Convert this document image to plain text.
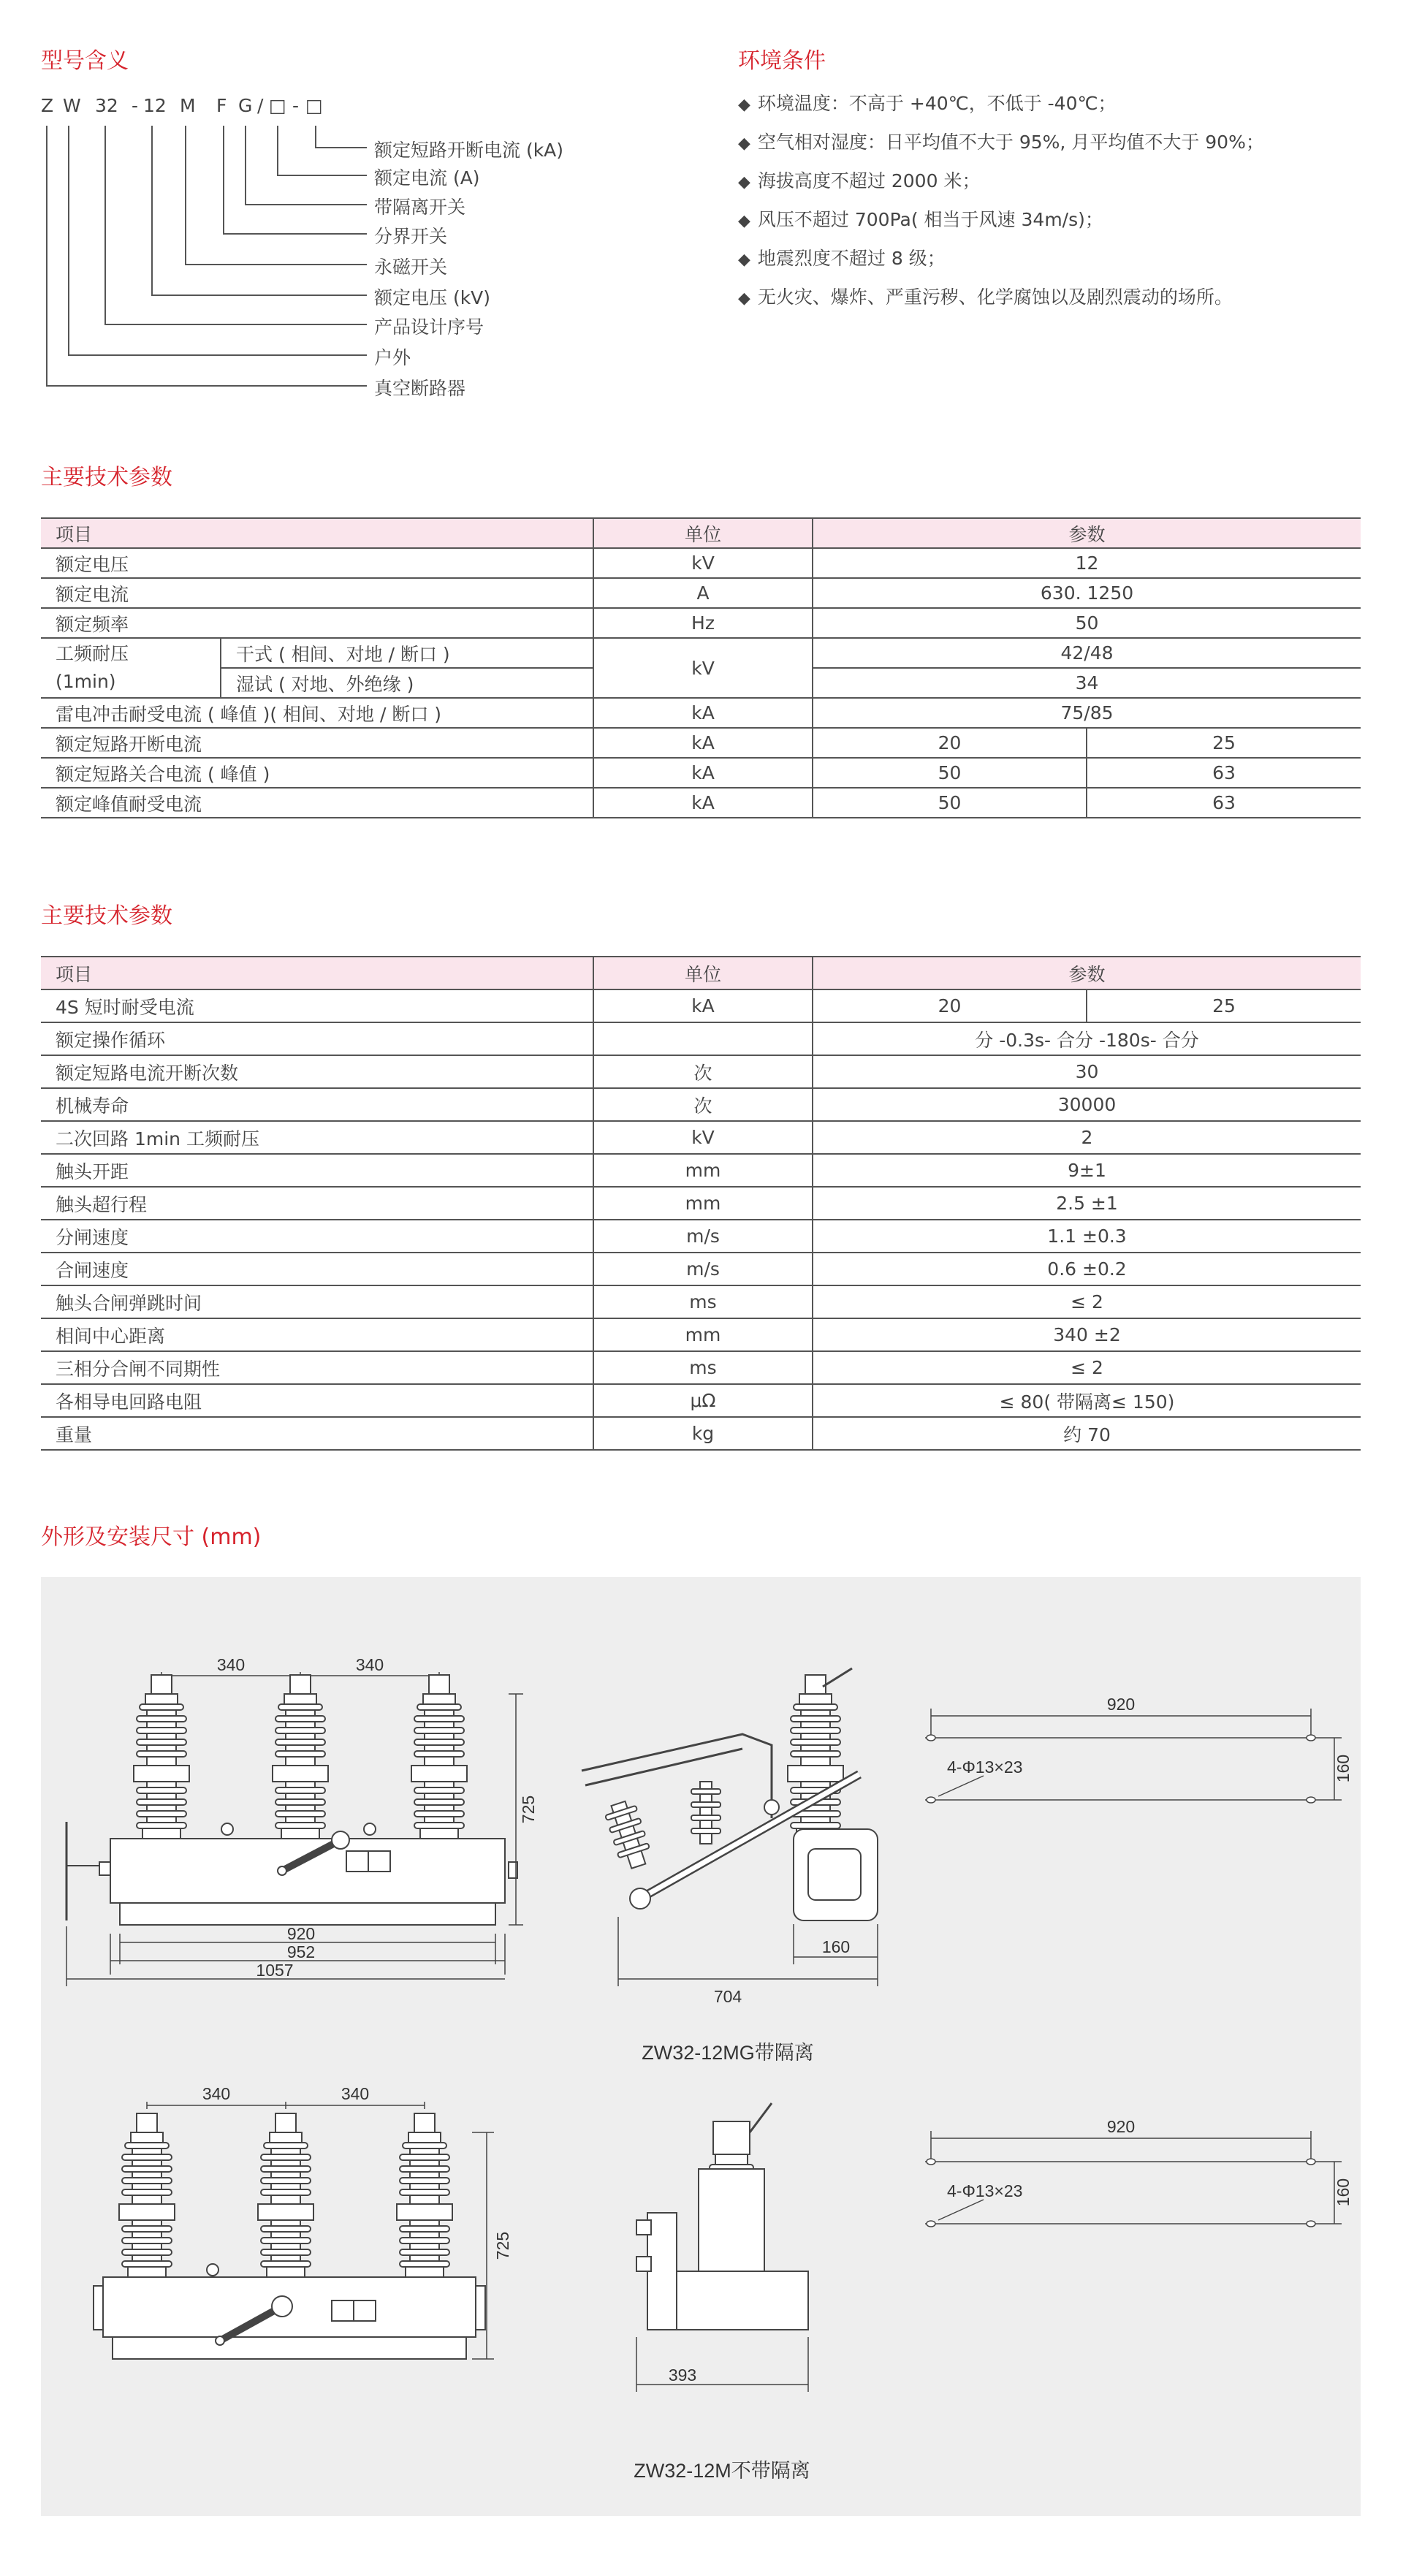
型号含义
Z W 32 - 12 M F G / □ - □
额定短路开断电流 (kA)
额定电流 (A)
带隔离开关
分界开关
永磁开关
额定电压 (kV)
产品设计序号
户外
真空断路器
环境条件
◆ 环境温度：不高于 +40℃，不低于 -40℃；
◆ 空气相对湿度：日平均值不大于 95%, 月平均值不大于 90%；
◆ 海拔高度不超过 2000 米；
◆ 风压不超过 700Pa( 相当于风速 34m/s)；
◆ 地震烈度不超过 8 级；
◆ 无火灾、爆炸、严重污秽、化学腐蚀以及剧烈震动的场所。
主要技术参数
项目		单位	参数	
额定电压		kV	12	
额定电流		A	630. 1250	
额定频率		Hz	50	
工频耐压
(1min)	干式 ( 相间、对地 / 断口 )	kV	42/48	
	湿试 ( 对地、外绝缘 )		34	
雷电冲击耐受电流 ( 峰值 )( 相间、对地 / 断口 )		kA	75/85	
额定短路开断电流		kA	20	25
额定短路关合电流 ( 峰值 )		kA	50	63
额定峰值耐受电流		kA	50	63
主要技术参数
项目	单位	参数	
4S 短时耐受电流	kA	20	25
额定操作循环		分 -0.3s- 合分 -180s- 合分	
额定短路电流开断次数	次	30	
机械寿命	次	30000	
二次回路 1min 工频耐压	kV	2	
触头开距	mm	9±1	
触头超行程	mm	2.5 ±1	
分闸速度	m/s	1.1 ±0.3	
合闸速度	m/s	0.6 ±0.2	
触头合闸弹跳时间	ms	≤ 2	
相间中心距离	mm	340 ±2	
三相分合闸不同期性	ms	≤ 2	
各相导电回路电阻	μΩ	≤ 80( 带隔离≤ 150)	
重量	kg	约 70	
外形及安装尺寸 (mm)
340	340
725
920
952
1057
704
160
ZW32-12MG带隔离
920
160
4-Φ13×23
340	340
725
393
ZW32-12M不带隔离
920
160
4-Φ13×23
